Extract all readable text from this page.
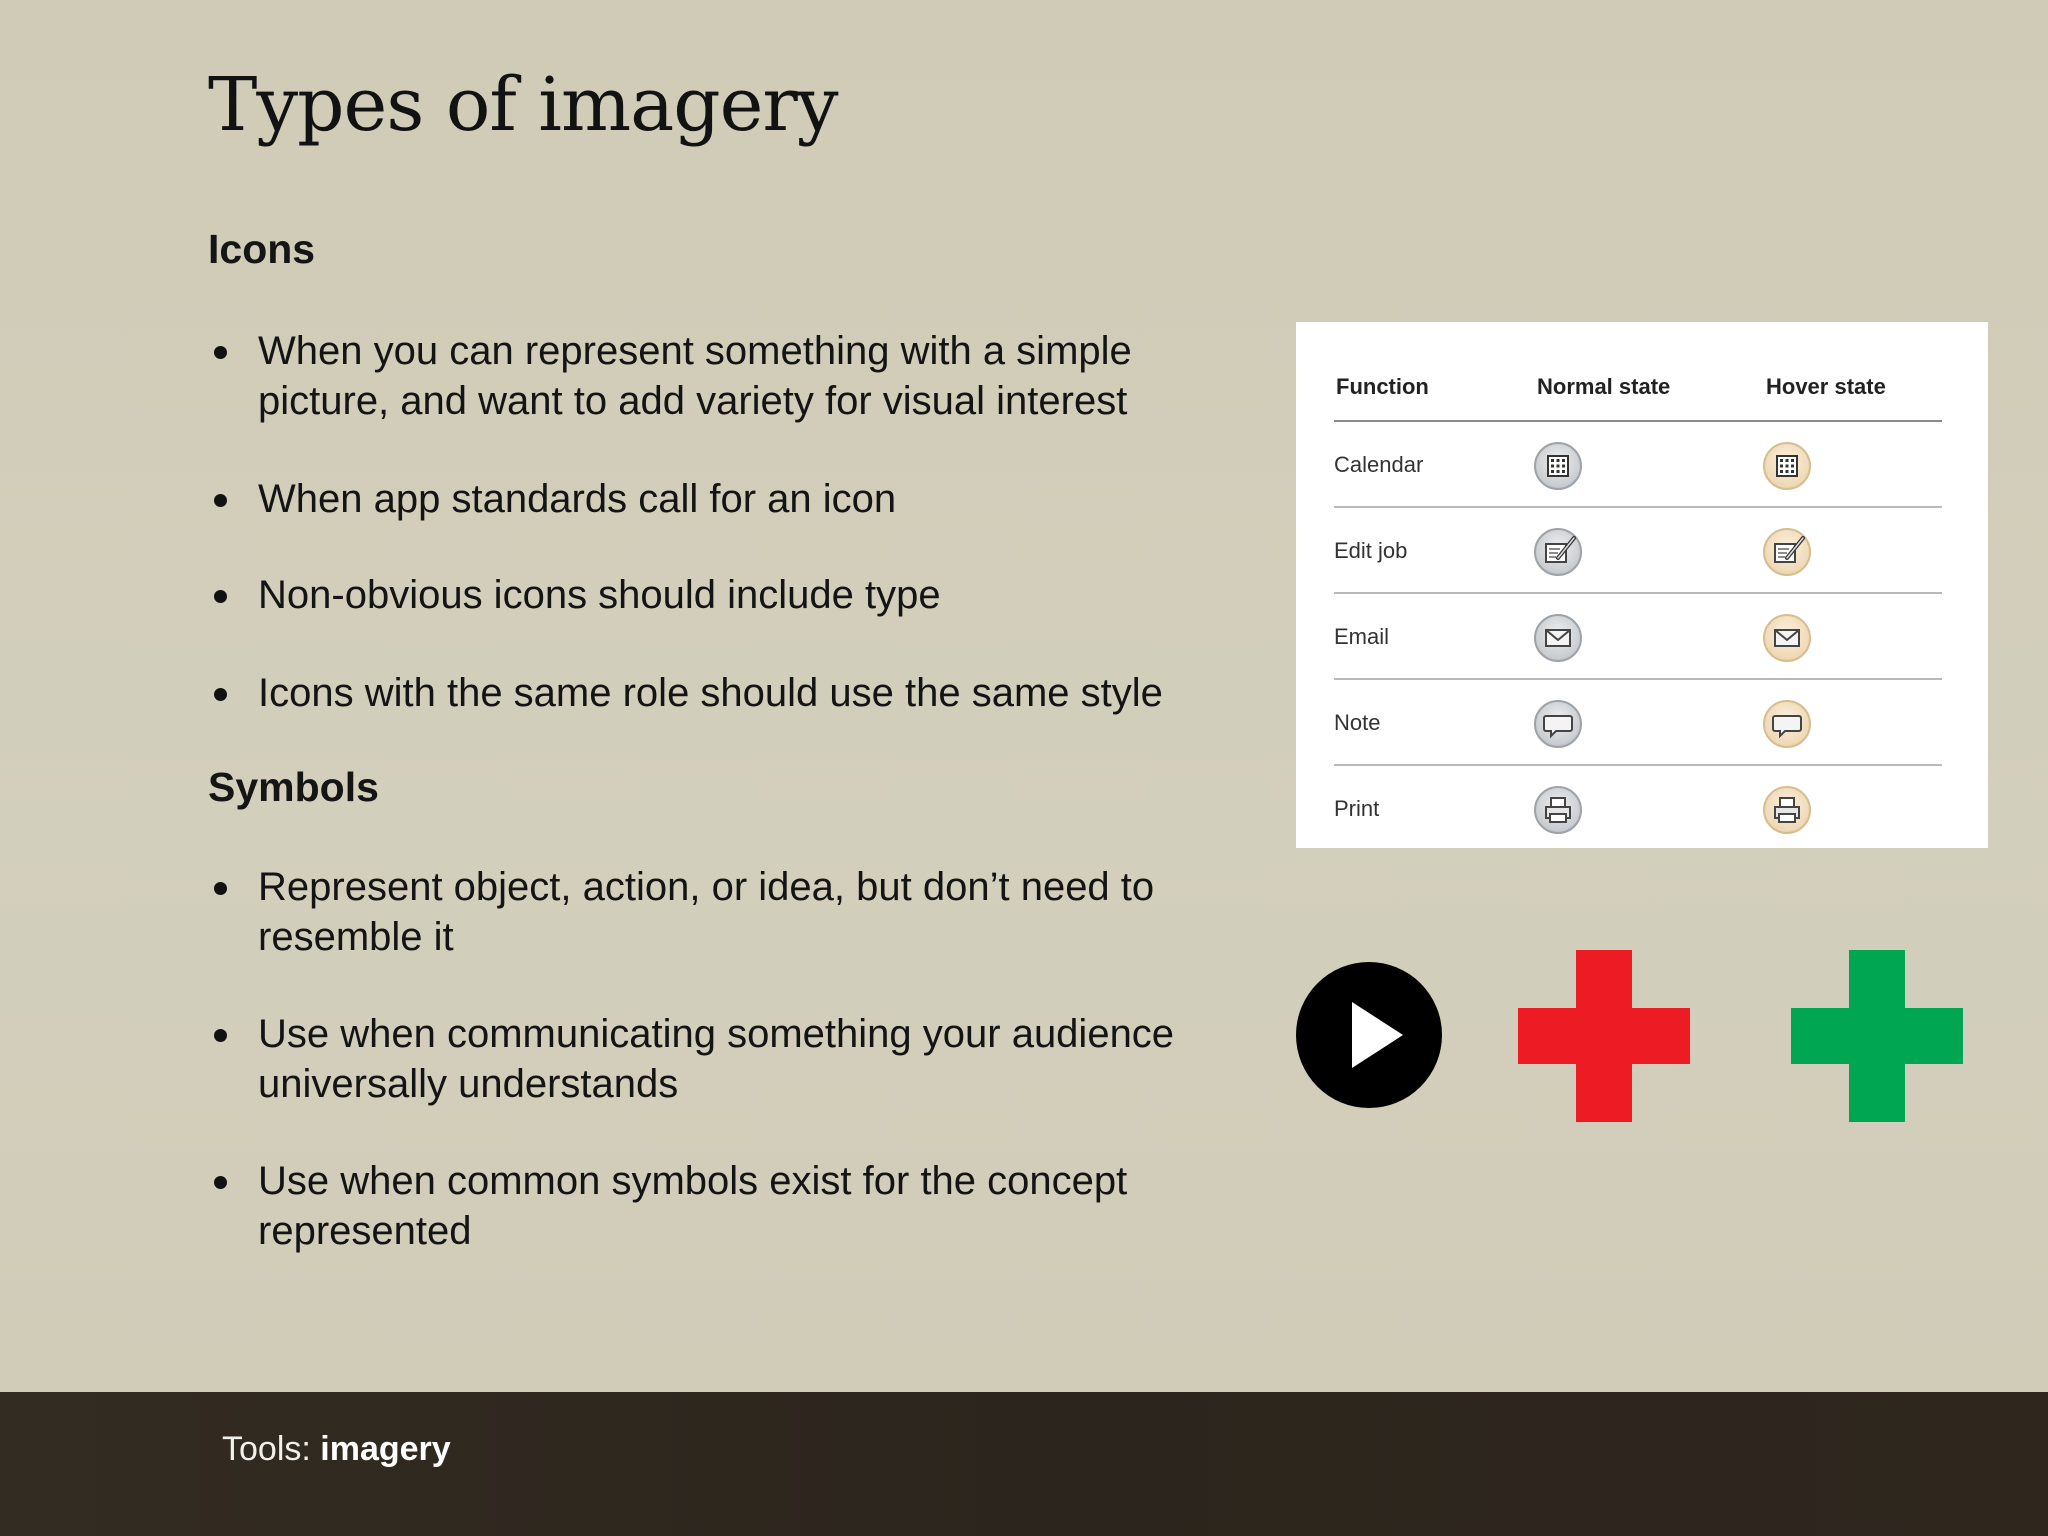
Types of imagery
Icons
When you can represent something with a simple picture, and want to add variety for visual interest
When app standards call for an icon
Non-obvious icons should include type
Icons with the same role should use the same style
Symbols
Represent object, action, or idea, but don’t need to resemble it
Use when communicating something your audience universally understands
Use when common symbols exist for the concept represented
Function	Normal state	Hover state
Calendar
Edit job
Email
Note
Print
Tools: imagery
